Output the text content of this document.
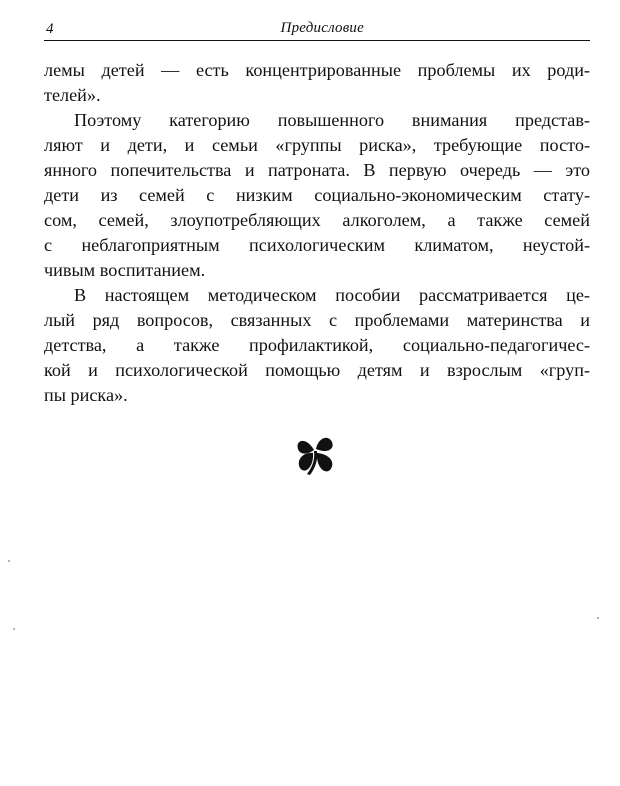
4	Предисловие

лемы детей — есть концентрированные проблемы их роди-
телей».

Поэтому категорию повышенного внимания представ-
ляют и дети, и семьи «группы риска», требующие посто-
янного попечительства и патроната. В первую очередь — это
дети из семей с низким социально-экономическим стату-
сом, семей, злоупотребляющих алкоголем, а также семей
с неблагоприятным психологическим климатом, неустой-
чивым воспитанием.

В настоящем методическом пособии рассматривается це-
лый ряд вопросов, связанных с проблемами материнства и
детства, а также профилактикой, социально-педагогичес-
кой и психологической помощью детям и взрослым «груп-
пы риска».
